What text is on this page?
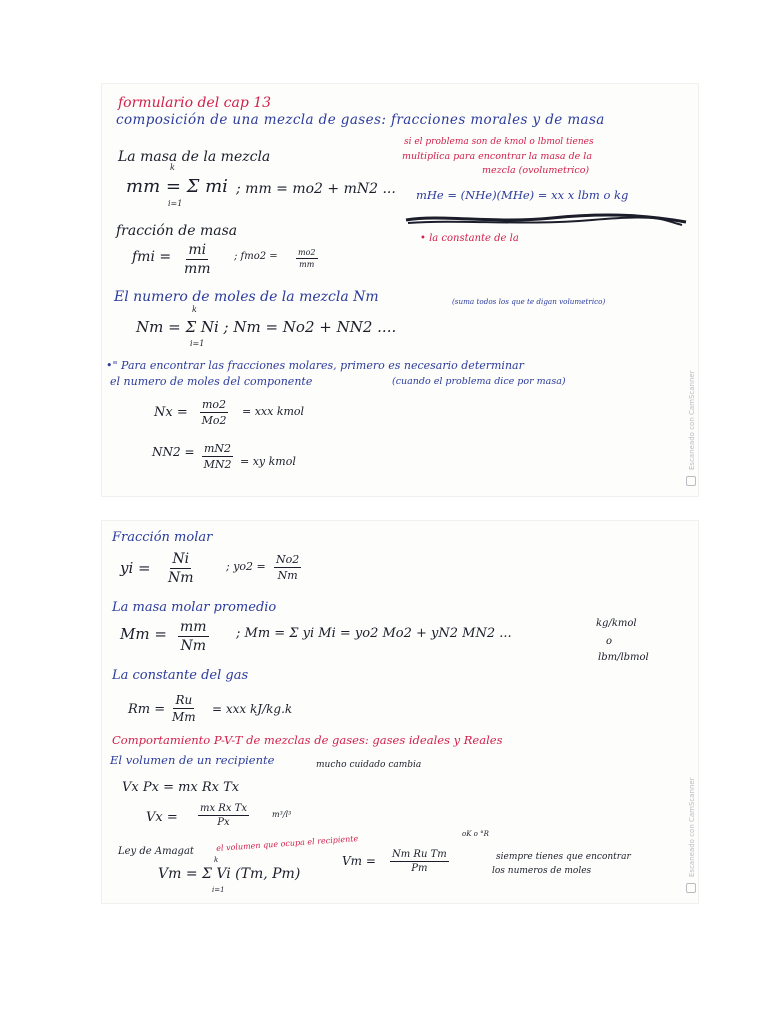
formulario del cap 13
composición de una mezcla de gases: fracciones morales y de masa
La masa de la mezcla
si el problema son de kmol o lbmol tienes
multiplica para encontrar la masa de la
mezcla (ovolumetrico)
k
mm = Σ mi
i=1
; mm = mo2 + mN2 ... mHe = (NHe)(MHe) = xx x lbm o kg
• la constante de la
fracción de masa
fmi = $\frac{mi}{mm}$ ; $fmo2 = \frac{mo2}{mm}$
El numero de moles de la mezcla Nm	(suma todos los que te digan volumetrico)
k
Nm = Σ Ni ; Nm = No2 + NN2 ....
i=1
•" Para encontrar las fracciones molares, primero es necesario determinar
el numero de moles del componente	(cuando el problema dice por masa)
$Nx = \frac{mo2}{Mo2}$ = xxx kmol
$NN2 = \frac{mN2}{MN2}$ = xy kmol	Escaneado con CamScanner
Fracción molar
yi = $\frac{Ni}{Nm}$	; $yo2 = \frac{No2}{Nm}$
La masa molar promedio
$Mm = \frac{mm}{Nm}$ ; Mm = Σ yi Mi = yo2 Mo2 + yN2 MN2 ...
kg/kmol
o
lbm/lbmol
La constante del gas
$Rm = \frac{Ru}{Mm}$ = xxx kJ/kg.k
Comportamiento P-V-T de mezclas de gases: gases ideales y Reales
El volumen de un recipiente	mucho cuidado cambia
Vx Px = mx Rx Tx
$Vx = \frac{\text{mx Rx Tx}}{Px}$	m³/l³
Ley de Amagat	el volumen que ocupa el recipiente
oK o °R
$Vm = \frac{\text{Nm Ru Tm}}{Pm}$	siempre tienes que encontrar
los numeros de moles
k
Vm = Σ Vi (Tm, Pm)
i=1
Escaneado con CamScanner
